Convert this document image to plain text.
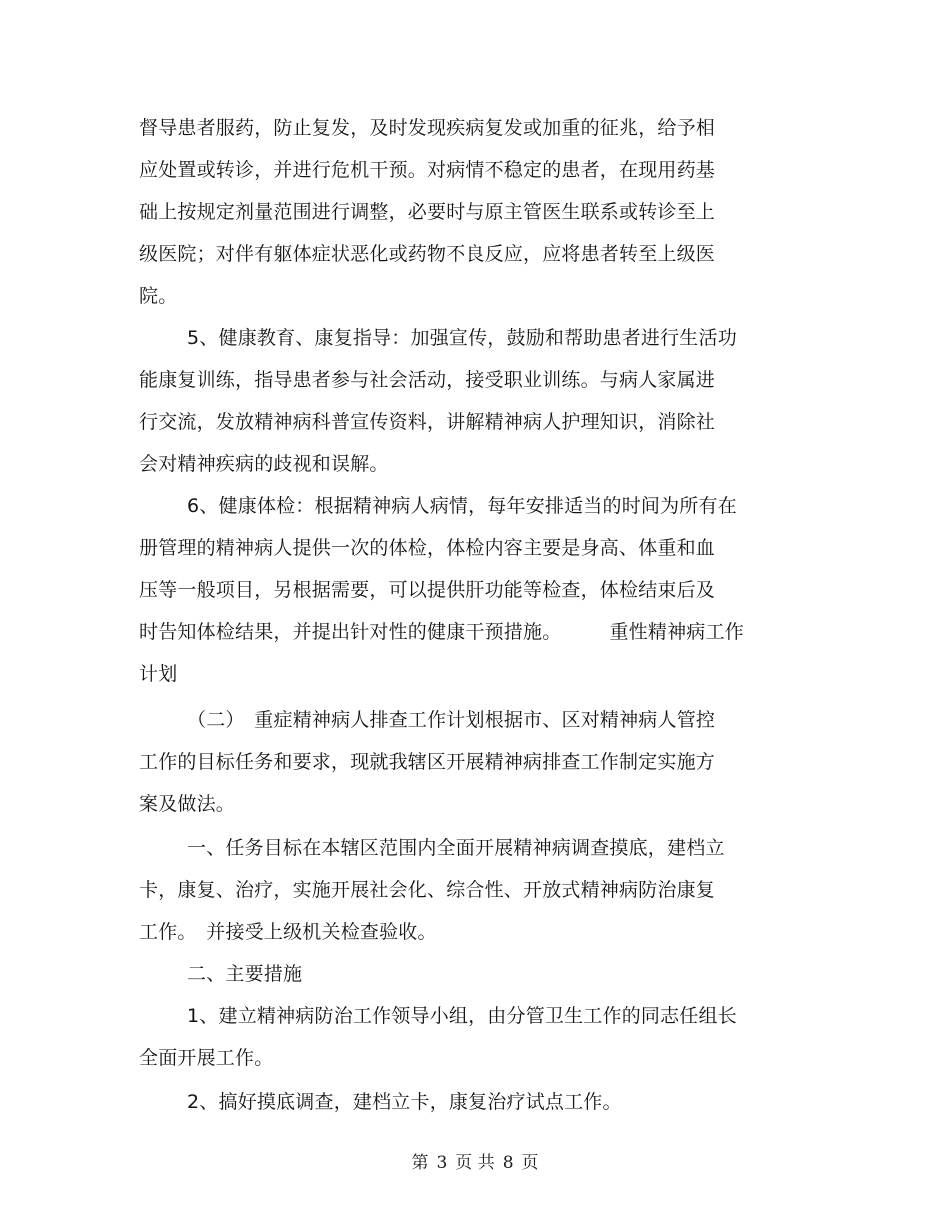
督导患者服药，防止复发，及时发现疾病复发或加重的征兆，给予相
应处置或转诊，并进行危机干预。对病情不稳定的患者，在现用药基
础上按规定剂量范围进行调整，必要时与原主管医生联系或转诊至上
级医院；对伴有躯体症状恶化或药物不良反应，应将患者转至上级医
院。
5、健康教育、康复指导：加强宣传，鼓励和帮助患者进行生活功
能康复训练，指导患者参与社会活动，接受职业训练。与病人家属进
行交流，发放精神病科普宣传资料，讲解精神病人护理知识，消除社
会对精神疾病的歧视和误解。
6、健康体检：根据精神病人病情，每年安排适当的时间为所有在
册管理的精神病人提供一次的体检，体检内容主要是身高、体重和血
压等一般项目，另根据需要，可以提供肝功能等检查，体检结束后及
时告知体检结果，并提出针对性的健康干预措施。　　　重性精神病工作
计划
（二）　重症精神病人排查工作计划根据市、区对精神病人管控
工作的目标任务和要求，现就我辖区开展精神病排查工作制定实施方
案及做法。
一、任务目标在本辖区范围内全面开展精神病调查摸底，建档立
卡，康复、治疗，实施开展社会化、综合性、开放式精神病防治康复
工作。　并接受上级机关检查验收。
二、主要措施
1、建立精神病防治工作领导小组，由分管卫生工作的同志任组长
全面开展工作。
2、搞好摸底调查，建档立卡，康复治疗试点工作。
第 3 页 共 8 页
